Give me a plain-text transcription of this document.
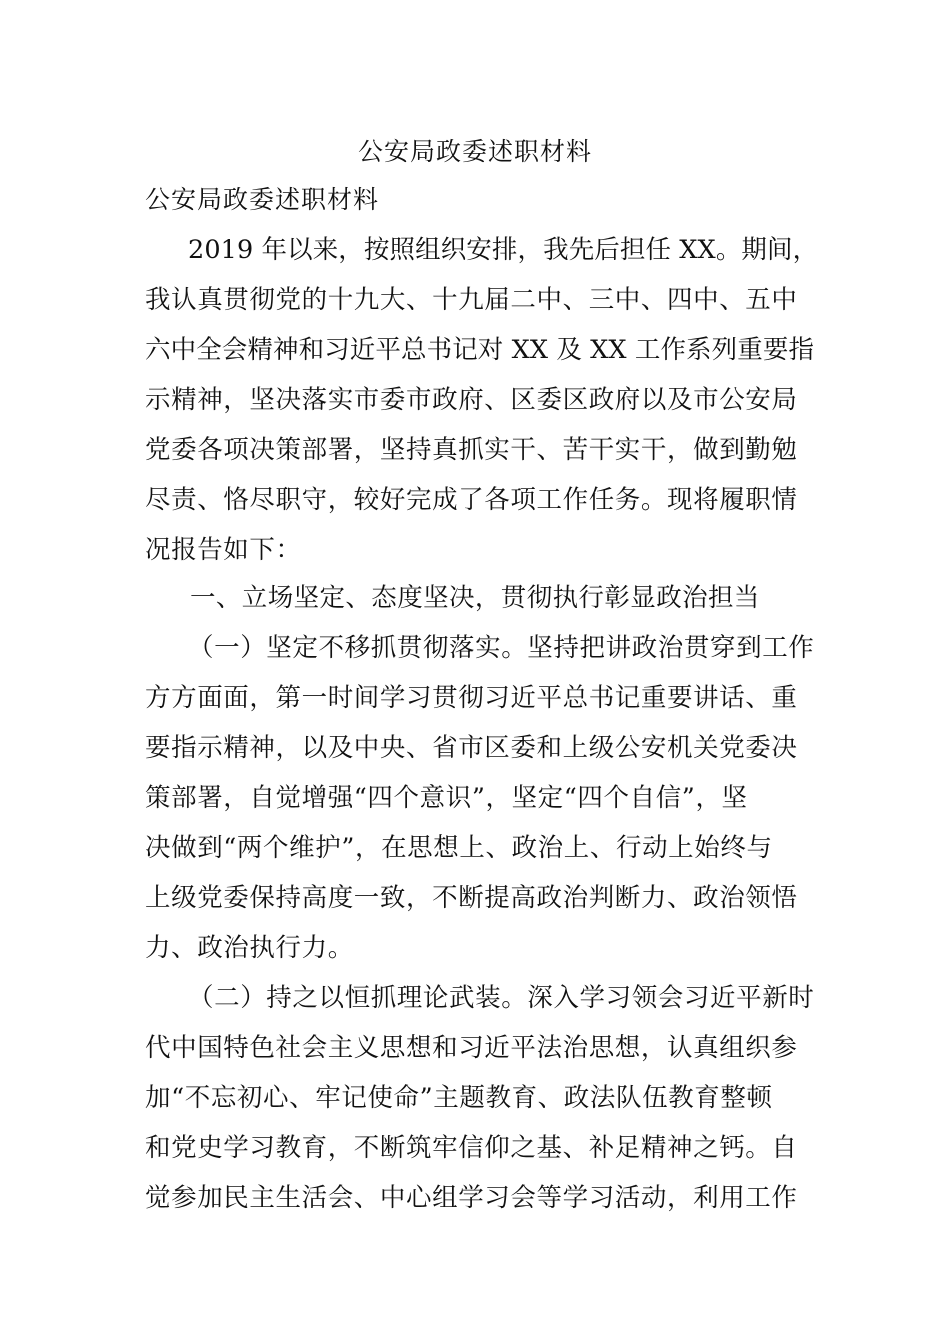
公安局政委述职材料
公安局政委述职材料
2019 年以来，按照组织安排，我先后担任 XX。期间，
我认真贯彻党的十九大、十九届二中、三中、四中、五中
六中全会精神和习近平总书记对 XX 及 XX 工作系列重要指
示精神，坚决落实市委市政府、区委区政府以及市公安局
党委各项决策部署，坚持真抓实干、苦干实干，做到勤勉
尽责、恪尽职守，较好完成了各项工作任务。现将履职情
况报告如下：
一、立场坚定、态度坚决，贯彻执行彰显政治担当
（一）坚定不移抓贯彻落实。坚持把讲政治贯穿到工作
方方面面，第一时间学习贯彻习近平总书记重要讲话、重
要指示精神，以及中央、省市区委和上级公安机关党委决
策部署，自觉增强“四个意识”，坚定“四个自信”，坚
决做到“两个维护”，在思想上、政治上、行动上始终与
上级党委保持高度一致，不断提高政治判断力、政治领悟
力、政治执行力。
（二）持之以恒抓理论武装。深入学习领会习近平新时
代中国特色社会主义思想和习近平法治思想，认真组织参
加“不忘初心、牢记使命”主题教育、政法队伍教育整顿
和党史学习教育，不断筑牢信仰之基、补足精神之钙。自
觉参加民主生活会、中心组学习会等学习活动，利用工作
